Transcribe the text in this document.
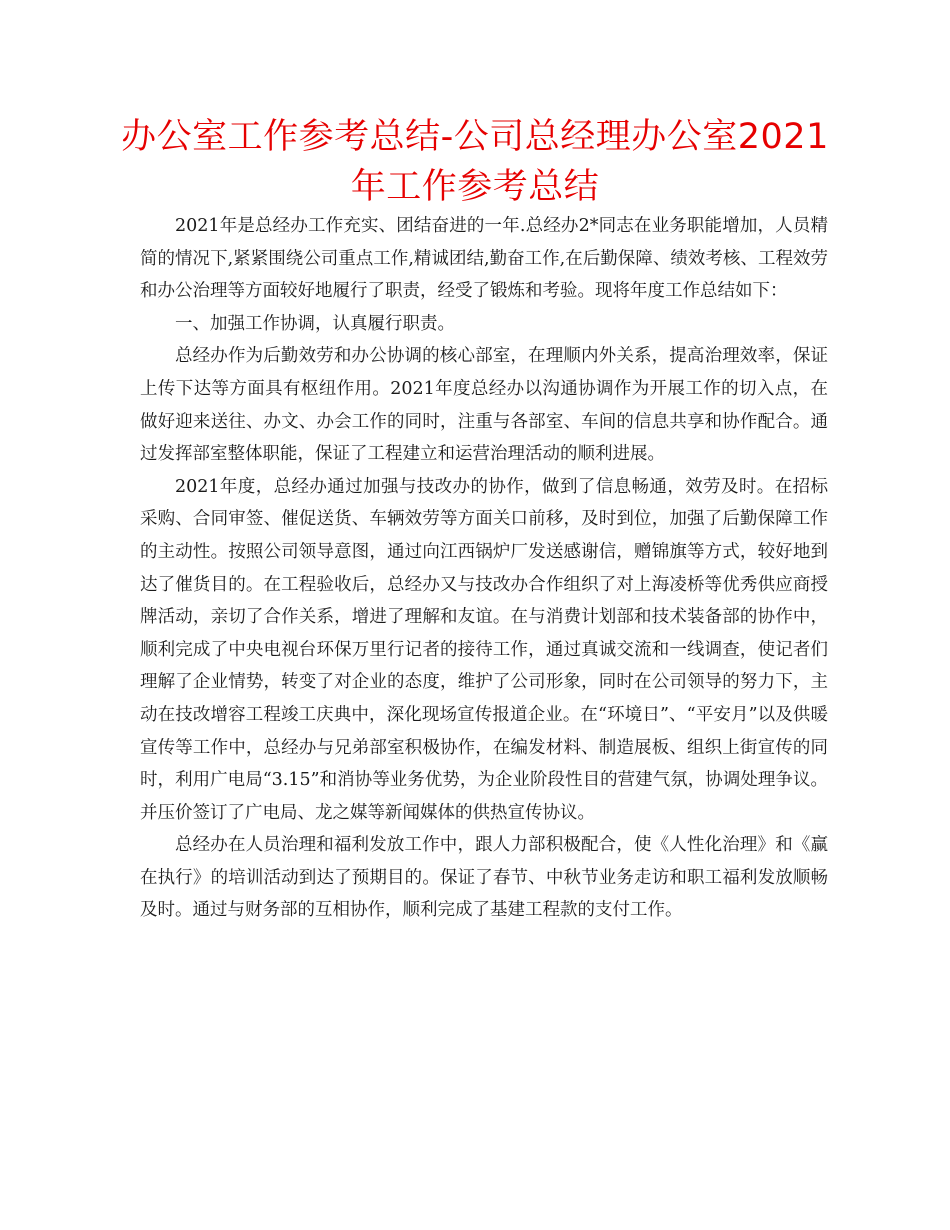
办公室工作参考总结-公司总经理办公室2021年工作参考总结

2021年是总经办工作充实、团结奋进的一年.总经办2*同志在业务职能增加，人员精简的情况下,紧紧围绕公司重点工作,精诚团结,勤奋工作,在后勤保障、绩效考核、工程效劳和办公治理等方面较好地履行了职责，经受了锻炼和考验。现将年度工作总结如下：

一、加强工作协调，认真履行职责。

总经办作为后勤效劳和办公协调的核心部室，在理顺内外关系，提高治理效率，保证上传下达等方面具有枢纽作用。2021年度总经办以沟通协调作为开展工作的切入点，在做好迎来送往、办文、办会工作的同时，注重与各部室、车间的信息共享和协作配合。通过发挥部室整体职能，保证了工程建立和运营治理活动的顺利进展。

2021年度，总经办通过加强与技改办的协作，做到了信息畅通，效劳及时。在招标采购、合同审签、催促送货、车辆效劳等方面关口前移，及时到位，加强了后勤保障工作的主动性。按照公司领导意图，通过向江西锅炉厂发送感谢信，赠锦旗等方式，较好地到达了催货目的。在工程验收后，总经办又与技改办合作组织了对上海凌桥等优秀供应商授牌活动，亲切了合作关系，增进了理解和友谊。在与消费计划部和技术装备部的协作中，顺利完成了中央电视台环保万里行记者的接待工作，通过真诚交流和一线调查，使记者们理解了企业情势，转变了对企业的态度，维护了公司形象，同时在公司领导的努力下，主动在技改增容工程竣工庆典中，深化现场宣传报道企业。在“环境日”、“平安月”以及供暖宣传等工作中，总经办与兄弟部室积极协作，在编发材料、制造展板、组织上街宣传的同时，利用广电局“3.15”和消协等业务优势，为企业阶段性目的营建气氛，协调处理争议。并压价签订了广电局、龙之媒等新闻媒体的供热宣传协议。

总经办在人员治理和福利发放工作中，跟人力部积极配合，使《人性化治理》和《赢在执行》的培训活动到达了预期目的。保证了春节、中秋节业务走访和职工福利发放顺畅及时。通过与财务部的互相协作，顺利完成了基建工程款的支付工作。
